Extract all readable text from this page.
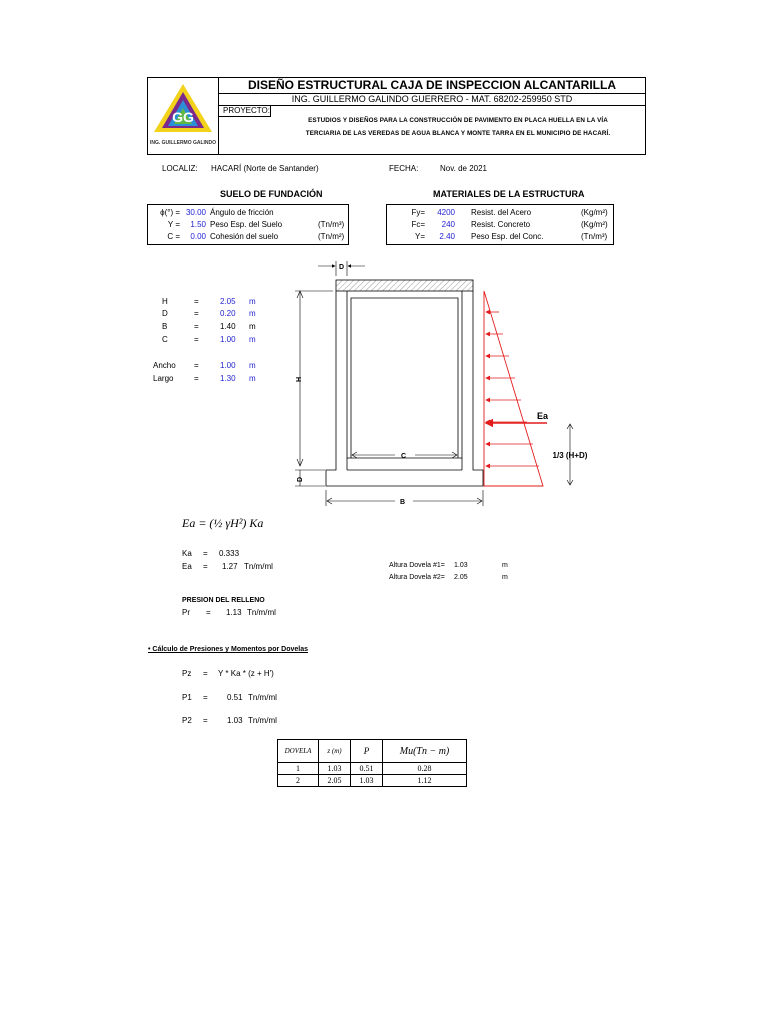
GG
ING. GUILLERMO GALINDO
DISEÑO ESTRUCTURAL CAJA DE INSPECCION ALCANTARILLA
ING. GUILLERMO GALINDO GUERRERO - MAT. 68202-259950 STD
PROYECTO:
ESTUDIOS Y DISEÑOS PARA LA CONSTRUCCIÓN DE PAVIMENTO EN PLACA HUELLA EN LA VÍA
TERCIARIA DE LAS VEREDAS DE AGUA BLANCA Y MONTE TARRA EN EL MUNICIPIO DE HACARÍ.
LOCALIZ: HACARÍ (Norte de Santander)	FECHA:	Nov. de 2021
SUELO DE FUNDACIÓN
ϕ(°) = 30.00 Ángulo de fricción
Y =	1.50 Peso Esp. del Suelo	(Tn/m³)
C =	0.00 Cohesión del suelo	(Tn/m²)
MATERIALES DE LA ESTRUCTURA
Fy=	4200 Resist. del Acero	(Kg/m²)
Fc=	240 Resist. Concreto	(Kg/m²)
Y=	2.40 Peso Esp. del Conc.	(Tn/m³)
H	=	2.05 m
D	=	0.20 m
B	=	1.40 m
C	=	1.00 m
Ancho =	1.00 m
Largo	=	1.30 m
D
H
D
C
B
Ea
1/3 (H+D)
Ea = (½ γH²) Ka
Ka = 0.333
Ea = 1.27 Tn/m/ml	Altura Dovela #1= 1.03	m
Altura Dovela #2= 2.05	m
PRESION DEL RELLENO
Pr = 1.13 Tn/m/ml
• Cálculo de Presiones y Momentos por Dovelas
Pz = Y * Ka * (z + H')
P1 = 0.51 Tn/m/ml
P2 = 1.03 Tn/m/ml
DOVELA	z (m)	P	Mu(Tn − m)
1	1.03	0.51	0.28
2	2.05	1.03	1.12
